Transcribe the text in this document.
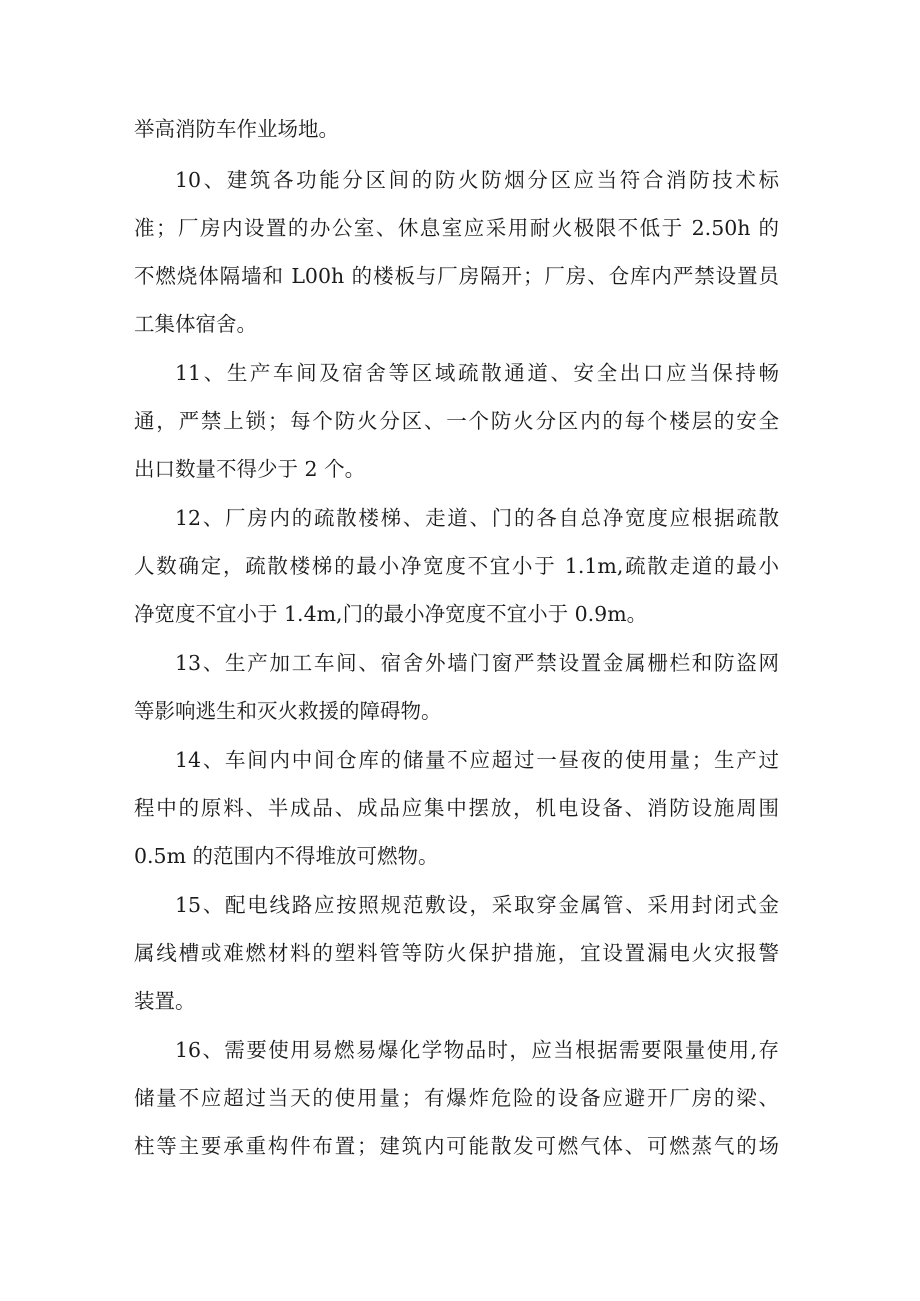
举高消防车作业场地。
10、建筑各功能分区间的防火防烟分区应当符合消防技术标
准；厂房内设置的办公室、休息室应采用耐火极限不低于 2.50h 的
不燃烧体隔墙和 L00h 的楼板与厂房隔开；厂房、仓库内严禁设置员
工集体宿舍。
11、生产车间及宿舍等区域疏散通道、安全出口应当保持畅
通，严禁上锁；每个防火分区、一个防火分区内的每个楼层的安全
出口数量不得少于 2 个。
12、厂房内的疏散楼梯、走道、门的各自总净宽度应根据疏散
人数确定，疏散楼梯的最小净宽度不宜小于 1.1m,疏散走道的最小
净宽度不宜小于 1.4m,门的最小净宽度不宜小于 0.9m。
13、生产加工车间、宿舍外墙门窗严禁设置金属栅栏和防盗网
等影响逃生和灭火救援的障碍物。
14、车间内中间仓库的储量不应超过一昼夜的使用量；生产过
程中的原料、半成品、成品应集中摆放，机电设备、消防设施周围
0.5m 的范围内不得堆放可燃物。
15、配电线路应按照规范敷设，采取穿金属管、采用封闭式金
属线槽或难燃材料的塑料管等防火保护措施，宜设置漏电火灾报警
装置。
16、需要使用易燃易爆化学物品时，应当根据需要限量使用,存
储量不应超过当天的使用量；有爆炸危险的设备应避开厂房的梁、
柱等主要承重构件布置；建筑内可能散发可燃气体、可燃蒸气的场
